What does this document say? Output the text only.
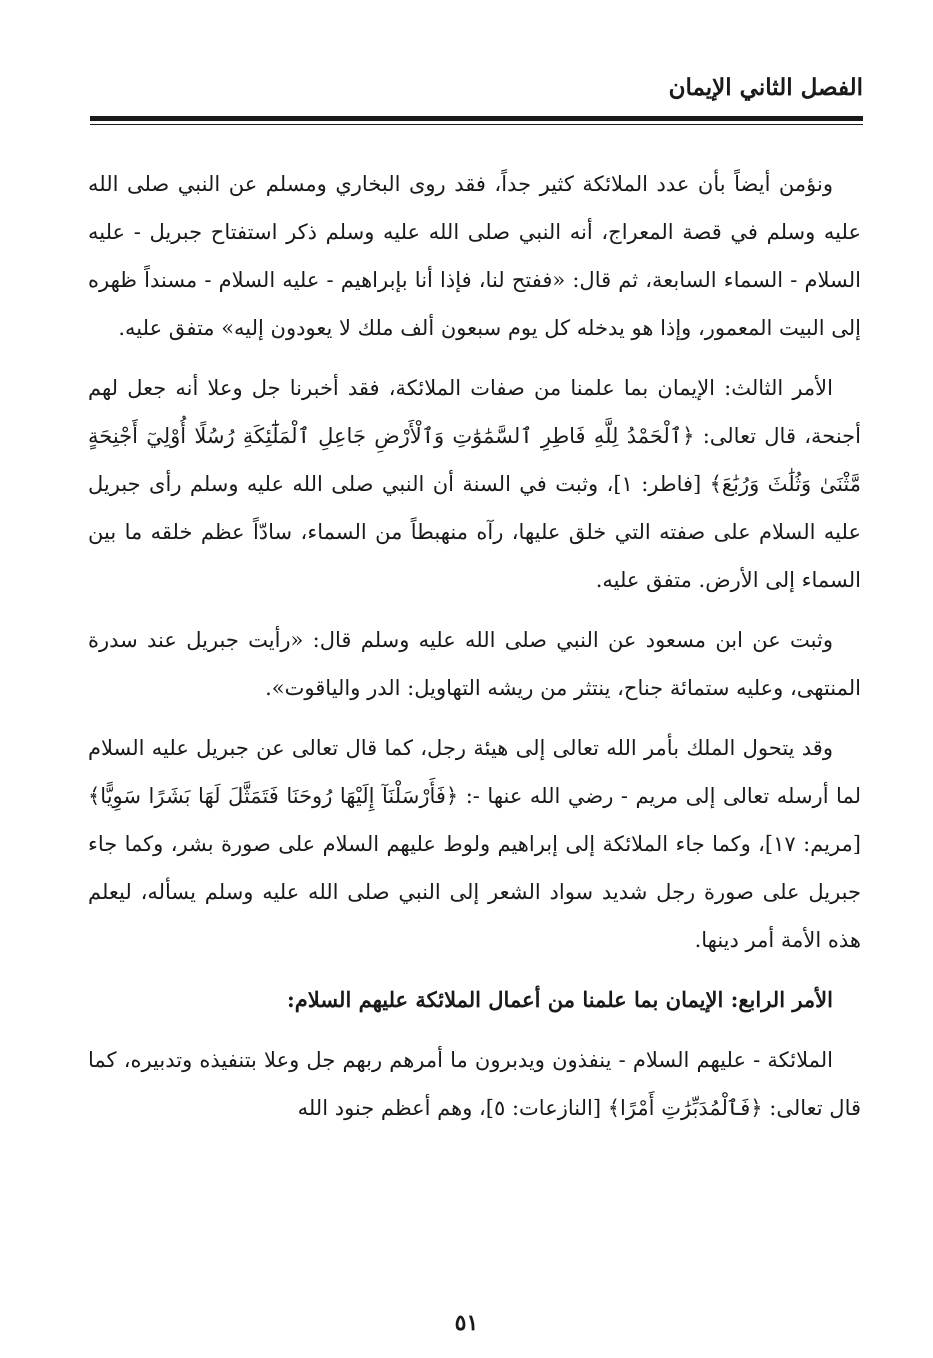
الفصل الثاني الإيمان

ونؤمن أيضاً بأن عدد الملائكة كثير جداً، فقد روى البخاري ومسلم عن النبي صلى الله عليه وسلم في قصة المعراج، أنه النبي صلى الله عليه وسلم ذكر استفتاح جبريل - عليه السلام - السماء السابعة، ثم قال: «ففتح لنا، فإذا أنا بإبراهيم - عليه السلام - مسنداً ظهره إلى البيت المعمور، وإذا هو يدخله كل يوم سبعون ألف ملك لا يعودون إليه» متفق عليه.

الأمر الثالث: الإيمان بما علمنا من صفات الملائكة، فقد أخبرنا جل وعلا أنه جعل لهم أجنحة، قال تعالى: ﴿ٱلْحَمْدُ لِلَّهِ فَاطِرِ ٱلسَّمَٰوَٰتِ وَٱلْأَرْضِ جَاعِلِ ٱلْمَلَٰٓئِكَةِ رُسُلًا أُوْلِيٓ أَجْنِحَةٍ مَّثْنَىٰ وَثُلَٰثَ وَرُبَٰعَ﴾ [فاطر: ١]، وثبت في السنة أن النبي صلى الله عليه وسلم رأى جبريل عليه السلام على صفته التي خلق عليها، رآه منهبطاً من السماء، سادّاً عظم خلقه ما بين السماء إلى الأرض. متفق عليه.

وثبت عن ابن مسعود عن النبي صلى الله عليه وسلم قال: «رأيت جبريل عند سدرة المنتهى، وعليه ستمائة جناح، ينتثر من ريشه التهاويل: الدر والياقوت».

وقد يتحول الملك بأمر الله تعالى إلى هيئة رجل، كما قال تعالى عن جبريل عليه السلام لما أرسله تعالى إلى مريم - رضي الله عنها -: ﴿فَأَرْسَلْنَآ إِلَيْهَا رُوحَنَا فَتَمَثَّلَ لَهَا بَشَرًا سَوِيًّا﴾ [مريم: ١٧]، وكما جاء الملائكة إلى إبراهيم ولوط عليهم السلام على صورة بشر، وكما جاء جبريل على صورة رجل شديد سواد الشعر إلى النبي صلى الله عليه وسلم يسأله، ليعلم هذه الأمة أمر دينها.

الأمر الرابع: الإيمان بما علمنا من أعمال الملائكة عليهم السلام:

الملائكة - عليهم السلام - ينفذون ويدبرون ما أمرهم ربهم جل وعلا بتنفيذه وتدبيره، كما قال تعالى: ﴿فَٱلْمُدَبِّرَٰتِ أَمْرًا﴾ [النازعات: ٥]، وهم أعظم جنود الله

٥١
